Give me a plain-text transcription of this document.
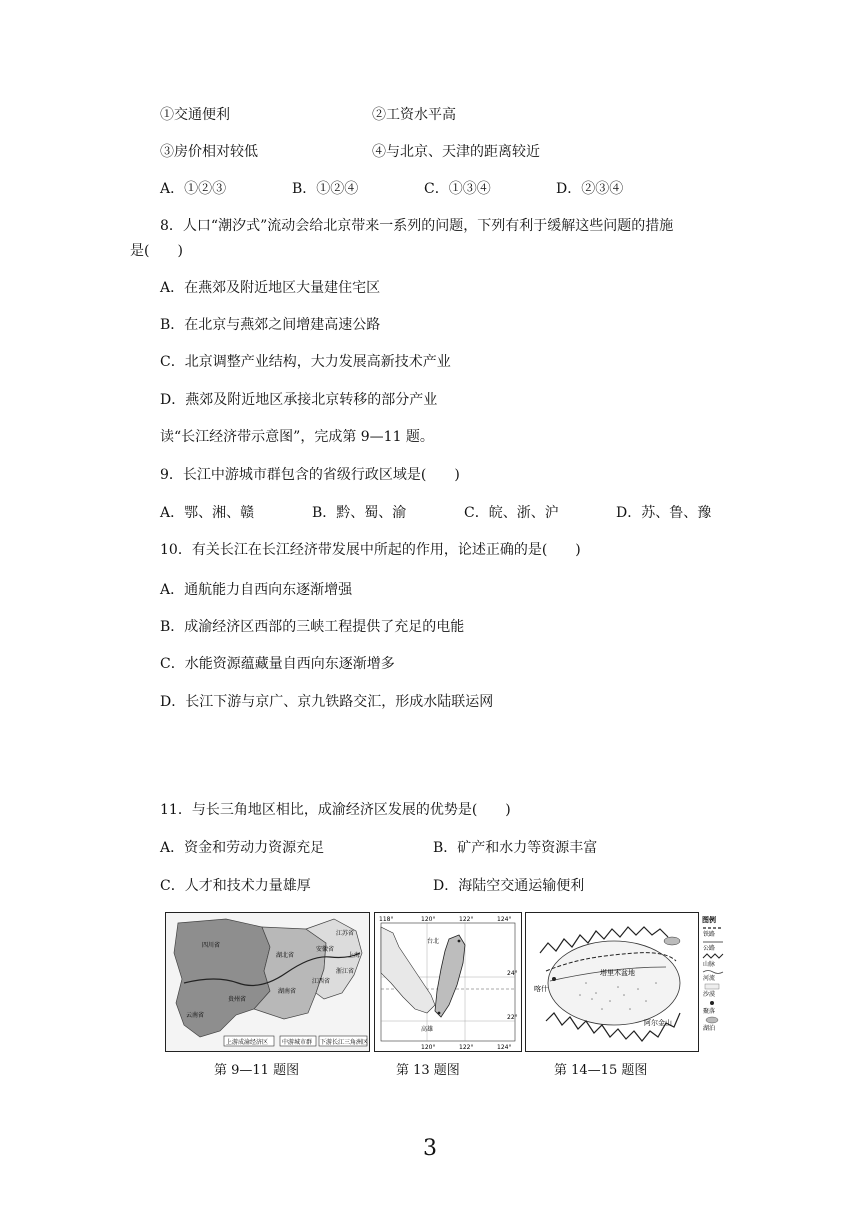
①交通便利	②工资水平高
③房价相对较低	④与北京、天津的距离较近
A．①②③	B．①②④	C．①③④	D．②③④
8．人口“潮汐式”流动会给北京带来一系列的问题，下列有利于缓解这些问题的措施
是(　　)
A．在燕郊及附近地区大量建住宅区
B．在北京与燕郊之间增建高速公路
C．北京调整产业结构，大力发展高新技术产业
D．燕郊及附近地区承接北京转移的部分产业
读“长江经济带示意图”，完成第 9—11 题。
9．长江中游城市群包含的省级行政区域是(　　)
A．鄂、湘、赣	B．黔、蜀、渝	C．皖、浙、沪	D．苏、鲁、豫
10．有关长江在长江经济带发展中所起的作用，论述正确的是(　　)
A．通航能力自西向东逐渐增强
B．成渝经济区西部的三峡工程提供了充足的电能
C．水能资源蕴藏量自西向东逐渐增多
D．长江下游与京广、京九铁路交汇，形成水陆联运网
11．与长三角地区相比，成渝经济区发展的优势是(　　)
A．资金和劳动力资源充足	B．矿产和水力等资源丰富
C．人才和技术力量雄厚	D．海陆空交通运输便利
四川省
湖北省
江苏省
安徽省
上海
浙江省
江西省
湖南省
贵州省
云南省
上游成渝经济区 中游城市群 下游长江三角洲区
118°	120°	122°	124°
120°	122°	124°
24°
22°
台北
高雄
喀什
塔里木盆地
阿尔金山
图例
铁路
公路
山脉
河流
沙漠
聚落
湖泊
第 9—11 题图	第 13 题图	第 14—15 题图
3
